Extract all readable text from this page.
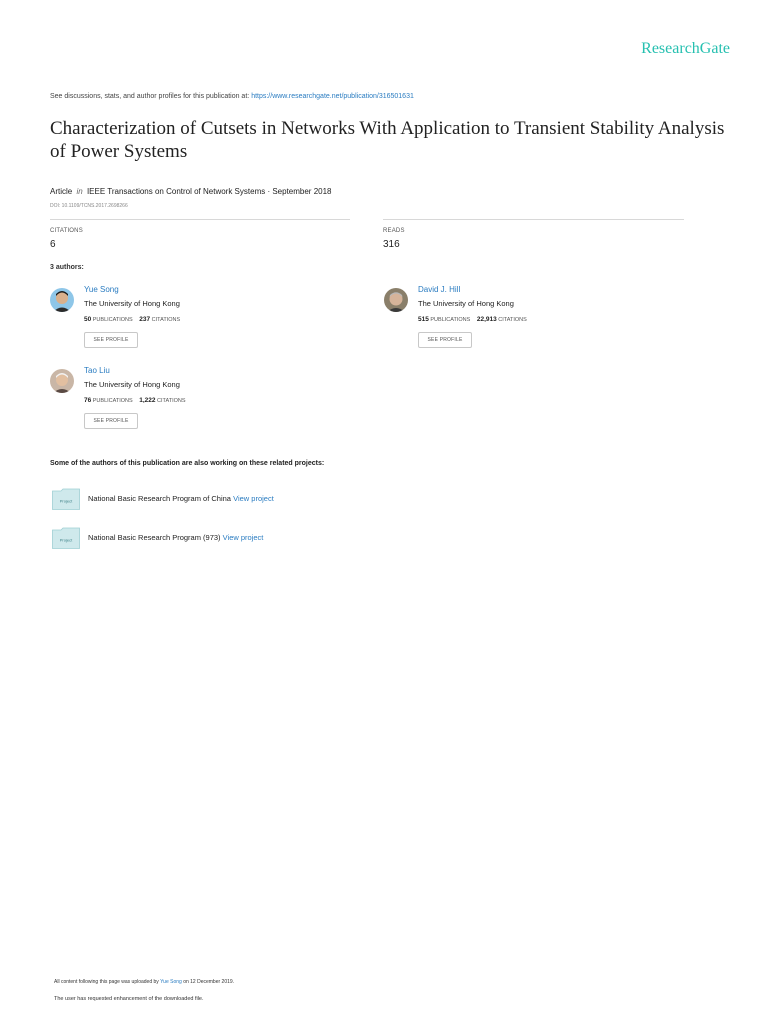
ResearchGate
See discussions, stats, and author profiles for this publication at: https://www.researchgate.net/publication/316501631
Characterization of Cutsets in Networks With Application to Transient Stability Analysis of Power Systems
Article in IEEE Transactions on Control of Network Systems · September 2018
DOI: 10.1109/TCNS.2017.2698266
CITATIONS
6
READS
316
3 authors:
Yue Song
The University of Hong Kong
50 PUBLICATIONS 237 CITATIONS
SEE PROFILE
David J. Hill
The University of Hong Kong
515 PUBLICATIONS 22,913 CITATIONS
SEE PROFILE
Tao Liu
The University of Hong Kong
76 PUBLICATIONS 1,222 CITATIONS
SEE PROFILE
Some of the authors of this publication are also working on these related projects:
Project National Basic Research Program of China View project
Project National Basic Research Program (973) View project
All content following this page was uploaded by Yue Song on 12 December 2019.
The user has requested enhancement of the downloaded file.
